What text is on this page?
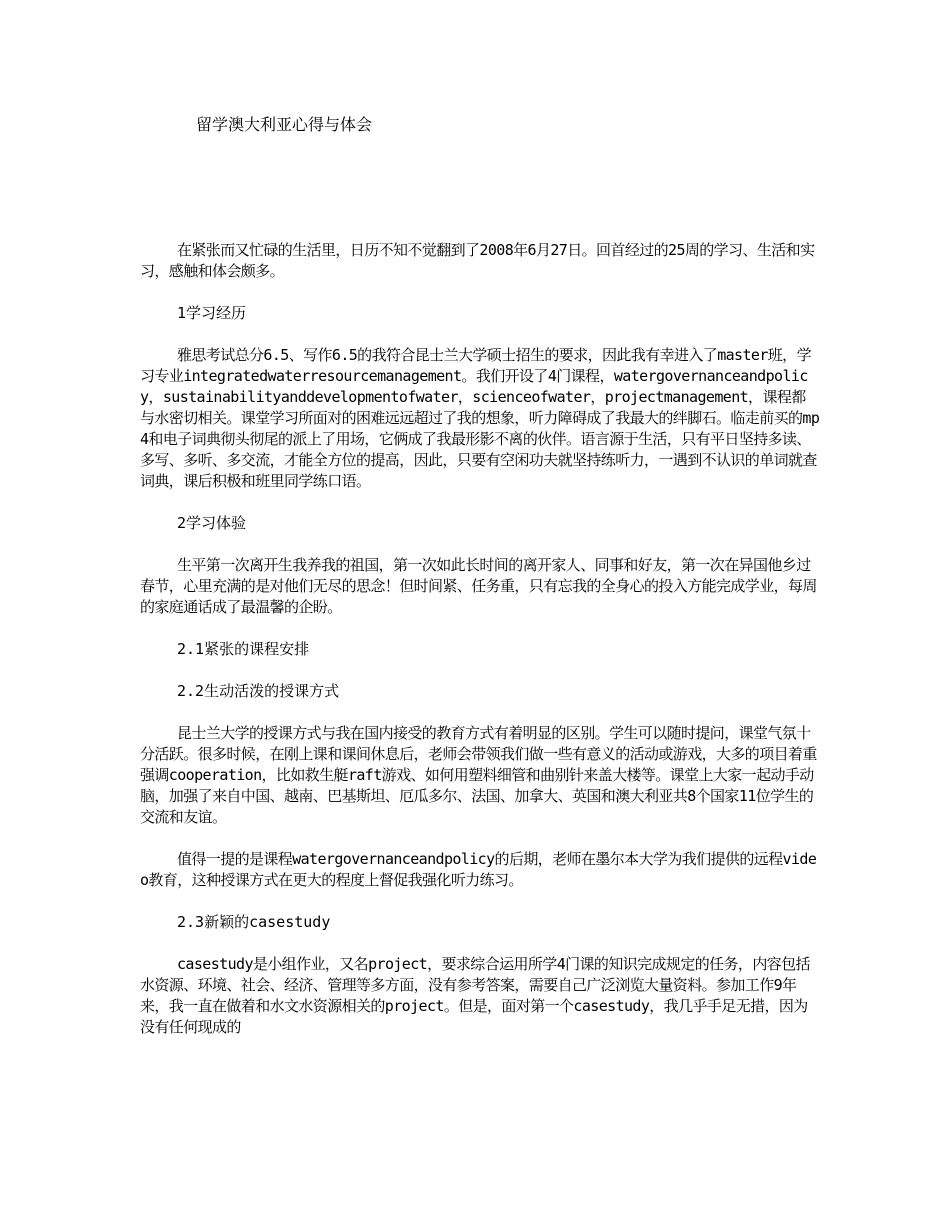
留学澳大利亚心得与体会

在紧张而又忙碌的生活里，日历不知不觉翻到了2008年6月27日。回首经过的25周的学习、生活和实习，感触和体会颇多。

1学习经历

雅思考试总分6.5、写作6.5的我符合昆士兰大学硕士招生的要求，因此我有幸进入了master班，学习专业integratedwaterresourcemanagement。我们开设了4门课程，watergovernanceandpolicy，sustainabilityanddevelopmentofwater，scienceofwater，projectmanagement，课程都与水密切相关。课堂学习所面对的困难远远超过了我的想象，听力障碍成了我最大的绊脚石。临走前买的mp4和电子词典彻头彻尾的派上了用场，它俩成了我最形影不离的伙伴。语言源于生活，只有平日坚持多读、多写、多听、多交流，才能全方位的提高，因此，只要有空闲功夫就坚持练听力，一遇到不认识的单词就查词典，课后积极和班里同学练口语。

2学习体验

生平第一次离开生我养我的祖国，第一次如此长时间的离开家人、同事和好友，第一次在异国他乡过春节，心里充满的是对他们无尽的思念！但时间紧、任务重，只有忘我的全身心的投入方能完成学业，每周的家庭通话成了最温馨的企盼。

2.1紧张的课程安排

2.2生动活泼的授课方式

昆士兰大学的授课方式与我在国内接受的教育方式有着明显的区别。学生可以随时提问，课堂气氛十分活跃。很多时候，在刚上课和课间休息后，老师会带领我们做一些有意义的活动或游戏，大多的项目着重强调cooperation，比如救生艇raft游戏、如何用塑料细管和曲别针来盖大楼等。课堂上大家一起动手动脑，加强了来自中国、越南、巴基斯坦、厄瓜多尔、法国、加拿大、英国和澳大利亚共8个国家11位学生的交流和友谊。

值得一提的是课程watergovernanceandpolicy的后期，老师在墨尔本大学为我们提供的远程video教育，这种授课方式在更大的程度上督促我强化听力练习。

2.3新颖的casestudy

casestudy是小组作业，又名project，要求综合运用所学4门课的知识完成规定的任务，内容包括水资源、环境、社会、经济、管理等多方面，没有参考答案，需要自己广泛浏览大量资料。参加工作9年来，我一直在做着和水文水资源相关的project。但是，面对第一个casestudy，我几乎手足无措，因为没有任何现成的
